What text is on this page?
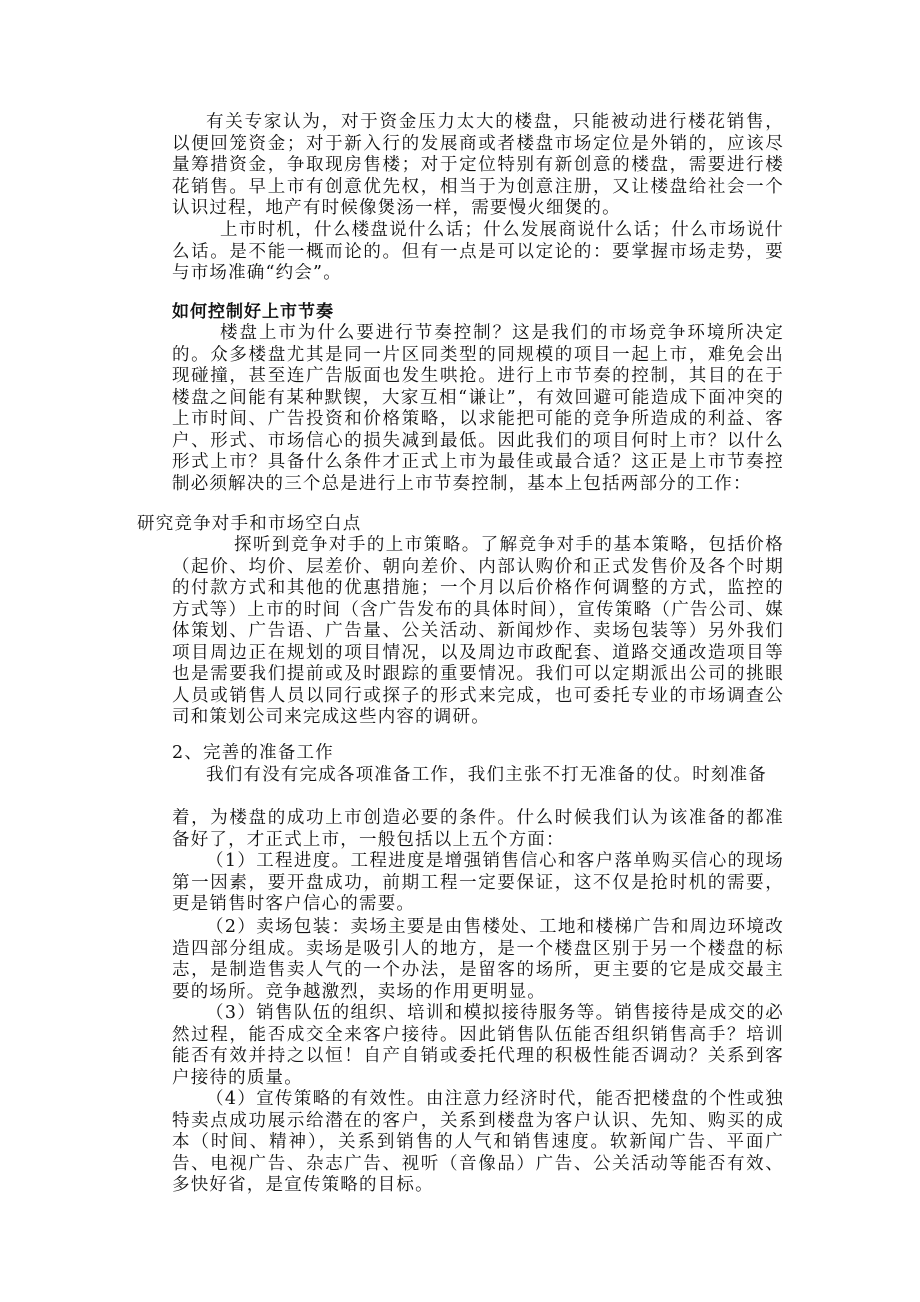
有关专家认为，对于资金压力太大的楼盘，只能被动进行楼花销售，以便回笼资金；对于新入行的发展商或者楼盘市场定位是外销的，应该尽量筹措资金，争取现房售楼；对于定位特别有新创意的楼盘，需要进行楼花销售。早上市有创意优先权，相当于为创意注册，又让楼盘给社会一个认识过程，地产有时候像煲汤一样，需要慢火细煲的。

上市时机，什么楼盘说什么话；什么发展商说什么话；什么市场说什么话。是不能一概而论的。但有一点是可以定论的：要掌握市场走势，要与市场准确“约会”。

如何控制好上市节奏

楼盘上市为什么要进行节奏控制？这是我们的市场竞争环境所决定的。众多楼盘尤其是同一片区同类型的同规模的项目一起上市，难免会出现碰撞，甚至连广告版面也发生哄抢。进行上市节奏的控制，其目的在于楼盘之间能有某种默锲，大家互相“谦让”，有效回避可能造成下面冲突的上市时间、广告投资和价格策略，以求能把可能的竞争所造成的利益、客户、形式、市场信心的损失减到最低。因此我们的项目何时上市？以什么形式上市？具备什么条件才正式上市为最佳或最合适？这正是上市节奏控制必须解决的三个总是进行上市节奏控制，基本上包括两部分的工作：

研究竞争对手和市场空白点

探听到竞争对手的上市策略。了解竞争对手的基本策略，包括价格（起价、均价、层差价、朝向差价、内部认购价和正式发售价及各个时期的付款方式和其他的优惠措施；一个月以后价格作何调整的方式，监控的方式等）上市的时间（含广告发布的具体时间），宣传策略（广告公司、媒体策划、广告语、广告量、公关活动、新闻炒作、卖场包装等）另外我们项目周边正在规划的项目情况，以及周边市政配套、道路交通改造项目等也是需要我们提前或及时跟踪的重要情况。我们可以定期派出公司的挑眼人员或销售人员以同行或探子的形式来完成，也可委托专业的市场调查公司和策划公司来完成这些内容的调研。

2、完善的准备工作

我们有没有完成各项准备工作，我们主张不打无准备的仗。时刻准备

着，为楼盘的成功上市创造必要的条件。什么时候我们认为该准备的都准备好了，才正式上市，一般包括以上五个方面：

（1）工程进度。工程进度是增强销售信心和客户落单购买信心的现场第一因素，要开盘成功，前期工程一定要保证，这不仅是抢时机的需要，更是销售时客户信心的需要。

（2）卖场包装：卖场主要是由售楼处、工地和楼梯广告和周边环境改造四部分组成。卖场是吸引人的地方，是一个楼盘区别于另一个楼盘的标志，是制造售卖人气的一个办法，是留客的场所，更主要的它是成交最主要的场所。竞争越激烈，卖场的作用更明显。

（3）销售队伍的组织、培训和模拟接待服务等。销售接待是成交的必然过程，能否成交全来客户接待。因此销售队伍能否组织销售高手？培训能否有效并持之以恒！自产自销或委托代理的积极性能否调动？关系到客户接待的质量。

（4）宣传策略的有效性。由注意力经济时代，能否把楼盘的个性或独特卖点成功展示给潜在的客户，关系到楼盘为客户认识、先知、购买的成本（时间、精神），关系到销售的人气和销售速度。软新闻广告、平面广告、电视广告、杂志广告、视听（音像品）广告、公关活动等能否有效、多快好省，是宣传策略的目标。
